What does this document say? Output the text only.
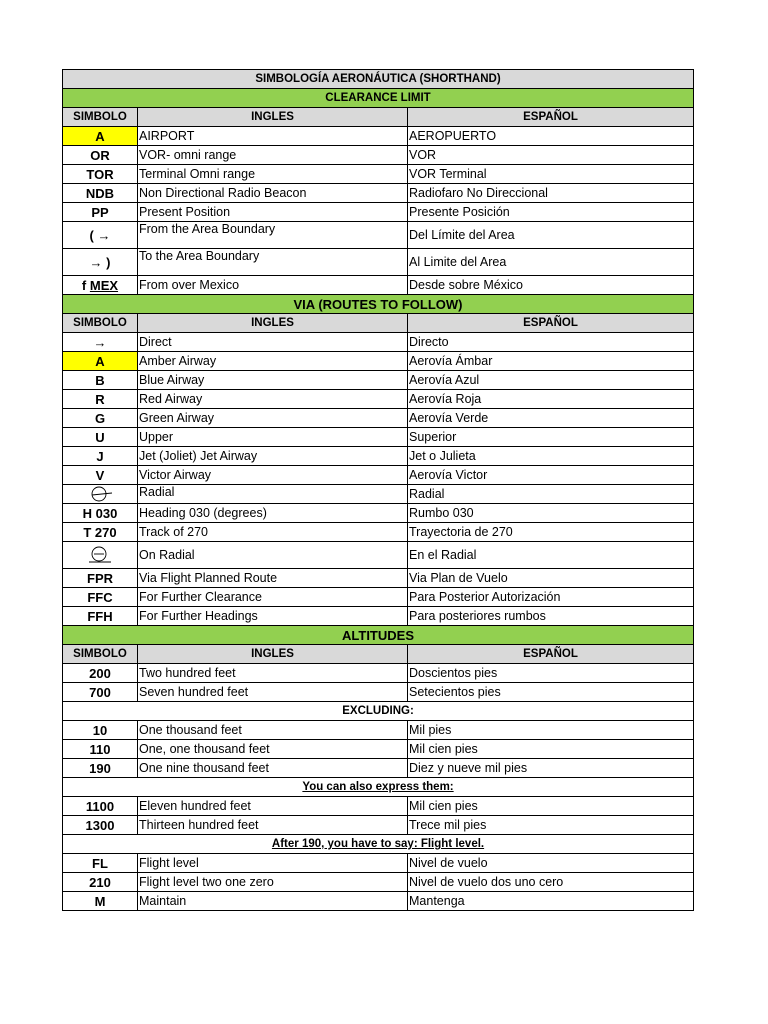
SIMBOLOGÍA AERONÁUTICA (SHORTHAND)		
CLEARANCE LIMIT		
SIMBOLO	INGLES	ESPAÑOL
A	AIRPORT	AEROPUERTO
OR	VOR- omni range	VOR
TOR	Terminal Omni range	VOR Terminal
NDB	Non Directional Radio Beacon	Radiofaro No Direccional
PP	Present Position	Presente Posición
( →	From the Area Boundary	Del Límite del Area
→ )	To the Area Boundary	Al Limite del Area
f MEX	From over Mexico	Desde sobre México
VIA (ROUTES TO FOLLOW)		
SIMBOLO	INGLES	ESPAÑOL
→	Direct	Directo
A	Amber Airway	Aerovía Ámbar
B	Blue Airway	Aerovía Azul
R	Red Airway	Aerovía Roja
G	Green Airway	Aerovía Verde
U	Upper	Superior
J	Jet (Joliet) Jet Airway	Jet o Julieta
V	Victor Airway	Aerovía Victor

	Radial	Radial
H 030	Heading 030 (degrees)	Rumbo 030
T 270	Track of 270	Trayectoria de 270

	On Radial	En el Radial
FPR	Via Flight Planned Route	Via Plan de Vuelo
FFC	For Further Clearance	Para Posterior Autorización
FFH	For Further Headings	Para posteriores rumbos
ALTITUDES		
SIMBOLO	INGLES	ESPAÑOL
200	Two hundred feet	Doscientos pies
700	Seven hundred feet	Setecientos pies
EXCLUDING:		
10	One thousand feet	Mil pies
110	One, one thousand feet	Mil cien pies
190	One nine thousand feet	Diez y nueve mil pies
You can also express them:		
1100	Eleven hundred feet	Mil cien pies
1300	Thirteen hundred feet	Trece mil pies
After 190, you have to say: Flight level.		
FL	Flight level	Nivel de vuelo
210	Flight level two one zero	Nivel de vuelo dos uno cero
M	Maintain	Mantenga
